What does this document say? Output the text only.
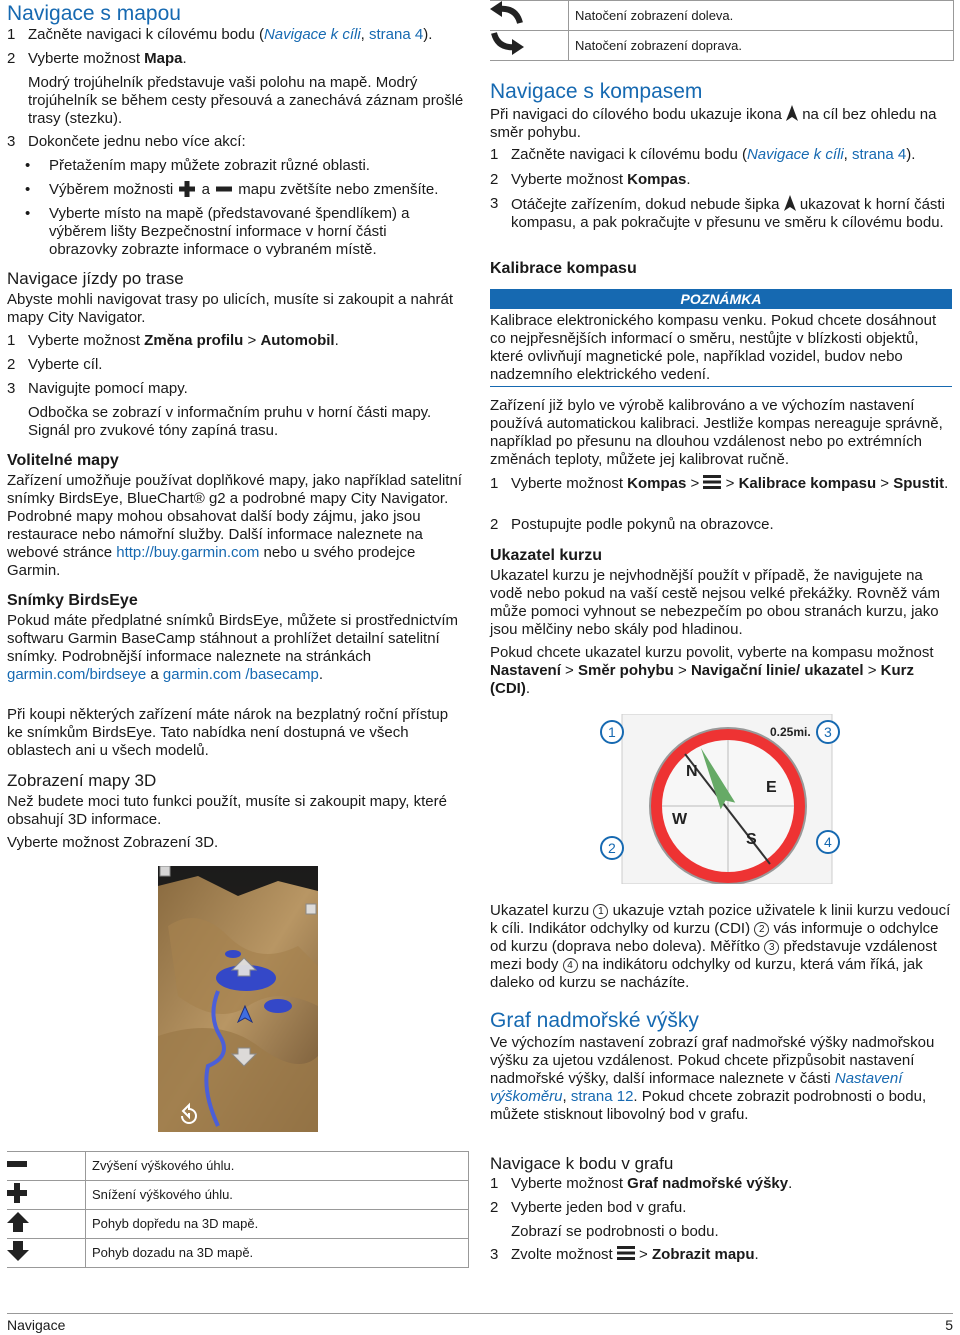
Navigace s mapou
1 Začněte navigaci k cílovému bodu (Navigace k cíli, strana 4).
2 Vyberte možnost Mapa.

Modrý trojúhelník představuje vaši polohu na mapě. Modrý trojúhelník se během cesty přesouvá a zanechává záznam prošlé trasy (stezku).

3 Dokončete jednu nebo více akcí:
• Přetažením mapy můžete zobrazit různé oblasti.
• Výběrem možnosti a mapu zvětšíte nebo zmenšíte.
• Vyberte místo na mapě (představované špendlíkem) a výběrem lišty Bezpečnostní informace v horní části obrazovky zobrazte informace o vybraném místě.
Navigace jízdy po trase

Abyste mohli navigovat trasy po ulicích, musíte si zakoupit a nahrát mapy City Navigator.

1 Vyberte možnost Změna profilu > Automobil.
2 Vyberte cíl.
3 Navigujte pomocí mapy.

Odbočka se zobrazí v informačním pruhu v horní části mapy. Signál pro zvukové tóny zapíná trasu.

Volitelné mapy

Zařízení umožňuje používat doplňkové mapy, jako například satelitní snímky BirdsEye, BlueChart® g2 a podrobné mapy City Navigator. Podrobné mapy mohou obsahovat další body zájmu, jako jsou restaurace nebo námořní služby. Další informace naleznete na webové stránce http://buy.garmin.com nebo u svého prodejce Garmin.

Snímky BirdsEye

Pokud máte předplatné snímků BirdsEye, můžete si prostřednictvím softwaru Garmin BaseCamp stáhnout a prohlížet detailní satelitní snímky. Podrobnější informace naleznete na stránkách garmin.com/birdseye a garmin.com /basecamp.

Při koupi některých zařízení máte nárok na bezplatný roční přístup ke snímkům BirdsEye. Tato nabídka není dostupná ve všech oblastech ani u všech modelů.

Zobrazení mapy 3D

Než budete moci tuto funkci použít, musíte si zakoupit mapy, které obsahují 3D informace.

Vyberte možnost Zobrazení 3D.

	Zvýšení výškového úhlu.
	Snížení výškového úhlu.
	Pohyb dopředu na 3D mapě.
	Pohyb dozadu na 3D mapě.
	Natočení zobrazení doleva.
	Natočení zobrazení doprava.
Navigace s kompasem

Při navigaci do cílového bodu ukazuje ikona na cíl bez ohledu na směr pohybu.

1 Začněte navigaci k cílovému bodu (Navigace k cíli, strana 4).
2 Vyberte možnost Kompas.
3 Otáčejte zařízením, dokud nebude šipka ukazovat k horní části kompasu, a pak pokračujte v přesunu ve směru k cílovému bodu.
Kalibrace kompasu
POZNÁMKA

Kalibrace elektronického kompasu venku. Pokud chcete dosáhnout co nejpřesnějších informací o směru, nestůjte v blízkosti objektů, které ovlivňují magnetické pole, například vozidel, budov nebo nadzemního elektrického vedení.

Zařízení již bylo ve výrobě kalibrováno a ve výchozím nastavení používá automatickou kalibraci. Jestliže kompas nereaguje správně, například po přesunu na dlouhou vzdálenost nebo po extrémních změnách teploty, můžete jej kalibrovat ručně.

1 Vyberte možnost Kompas >  > Kalibrace kompasu > Spustit.
2 Postupujte podle pokynů na obrazovce.
Ukazatel kurzu

Ukazatel kurzu je nejvhodnější použít v případě, že navigujete na vodě nebo pokud na vaší cestě nejsou velké překážky. Rovněž vám může pomoci vyhnout se nebezpečím po obou stranách kurzu, jako jsou mělčiny nebo skály pod hladinou.

Pokud chcete ukazatel kurzu povolit, vyberte na kompasu možnost Nastavení > Směr pohybu > Navigační linie/ ukazatel > Kurz (CDI).

0.25mi.
N
E
S
W
1
2
3
4

Ukazatel kurzu 1 ukazuje vztah pozice uživatele k linii kurzu vedoucí k cíli. Indikátor odchylky od kurzu (CDI) 2 vás informuje o odchylce od kurzu (doprava nebo doleva). Měřítko 3 představuje vzdálenost mezi body 4 na indikátoru odchylky od kurzu, která vám říká, jak daleko od kurzu se nacházíte.

Graf nadmořské výšky

Ve výchozím nastavení zobrazí graf nadmořské výšky nadmořskou výšku za ujetou vzdálenost. Pokud chcete přizpůsobit nastavení nadmořské výšky, další informace naleznete v části Nastavení výškoměru, strana 12. Pokud chcete zobrazit podrobnosti o bodu, můžete stisknout libovolný bod v grafu.

Navigace k bodu v grafu
1 Vyberte možnost Graf nadmořské výšky.
2 Vyberte jeden bod v grafu.

Zobrazí se podrobnosti o bodu.

3 Zvolte možnost  > Zobrazit mapu.
Navigace	5
